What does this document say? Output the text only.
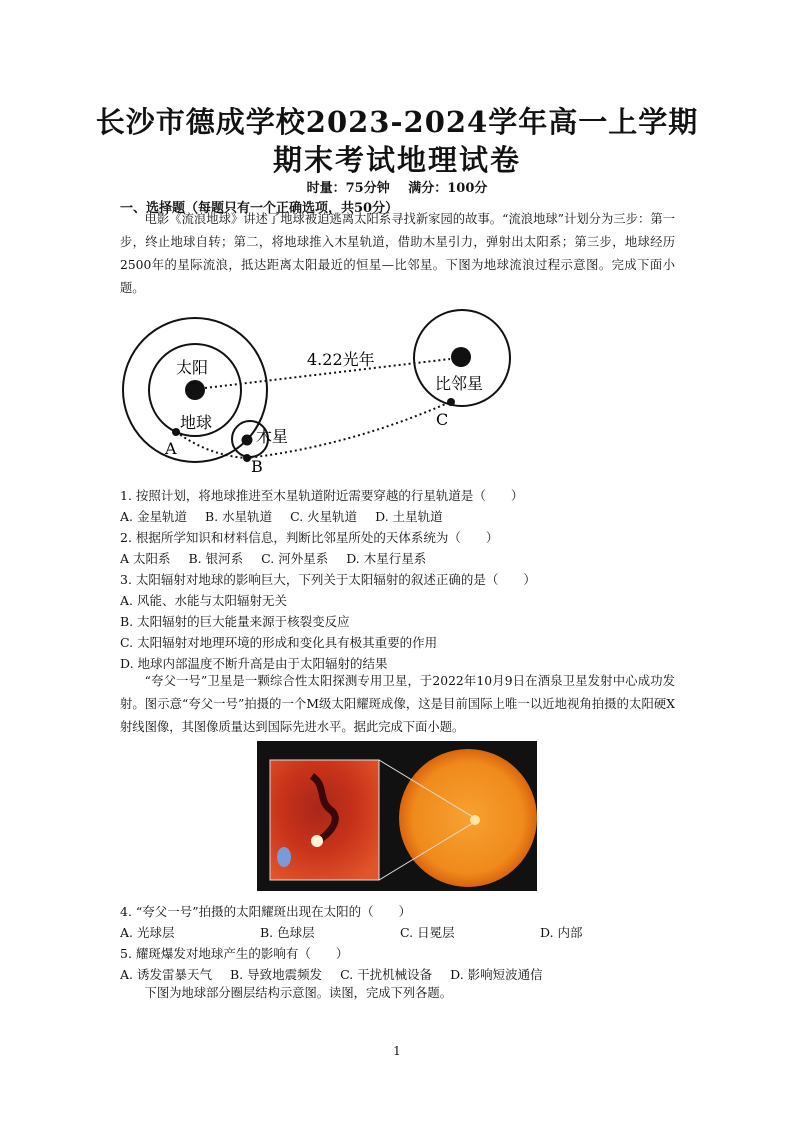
长沙市德成学校2023-2024学年高一上学期
期末考试地理试卷
时量：75分钟 满分：100分
一、选择题（每题只有一个正确选项，共50分）
电影《流浪地球》讲述了地球被迫逃离太阳系寻找新家园的故事。“流浪地球”计划分为三步：第一步，终止地球自转；第二，将地球推入木星轨道，借助木星引力，弹射出太阳系；第三步，地球经历2500年的星际流浪，抵达距离太阳最近的恒星—比邻星。下图为地球流浪过程示意图。完成下面小题。
太阳
地球
木星
比邻星
4.22光年
A
B
C
1. 按照计划，将地球推进至木星轨道附近需要穿越的行星轨道是（　　）
A. 金星轨道 B. 水星轨道 C. 火星轨道 D. 土星轨道
2. 根据所学知识和材料信息，判断比邻星所处的天体系统为（　　）
A 太阳系 B. 银河系 C. 河外星系 D. 木星行星系
3. 太阳辐射对地球的影响巨大，下列关于太阳辐射的叙述正确的是（　　）
A. 风能、水能与太阳辐射无关
B. 太阳辐射的巨大能量来源于核裂变反应
C. 太阳辐射对地理环境的形成和变化具有极其重要的作用
D. 地球内部温度不断升高是由于太阳辐射的结果
“夸父一号”卫星是一颗综合性太阳探测专用卫星，于2022年10月9日在酒泉卫星发射中心成功发射。图示意“夸父一号”拍摄的一个M级太阳耀斑成像，这是目前国际上唯一以近地视角拍摄的太阳硬X射线图像，其图像质量达到国际先进水平。据此完成下面小题。
4. “夸父一号”拍摄的太阳耀斑出现在太阳的（　　）
A. 光球层	B. 色球层	C. 日冕层	D. 内部
5. 耀斑爆发对地球产生的影响有（　　）
A. 诱发雷暴天气 B. 导致地震频发 C. 干扰机械设备 D. 影响短波通信
下图为地球部分圈层结构示意图。读图，完成下列各题。
1
